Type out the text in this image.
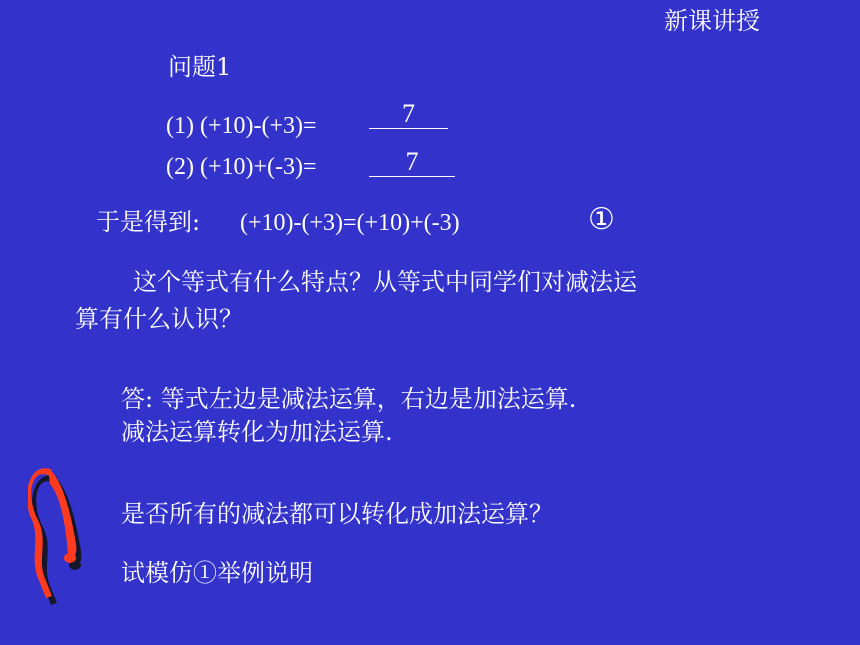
新课讲授
问题1
(1) (+10)-(+3)=	7
(2) (+10)+(-3)=	7
于是得到: (+10)-(+3)=(+10)+(-3)	①
这个等式有什么特点？从等式中同学们对减法运
算有什么认识？
答: 等式左边是减法运算，右边是加法运算.
减法运算转化为加法运算.
是否所有的减法都可以转化成加法运算？
试模仿①举例说明
